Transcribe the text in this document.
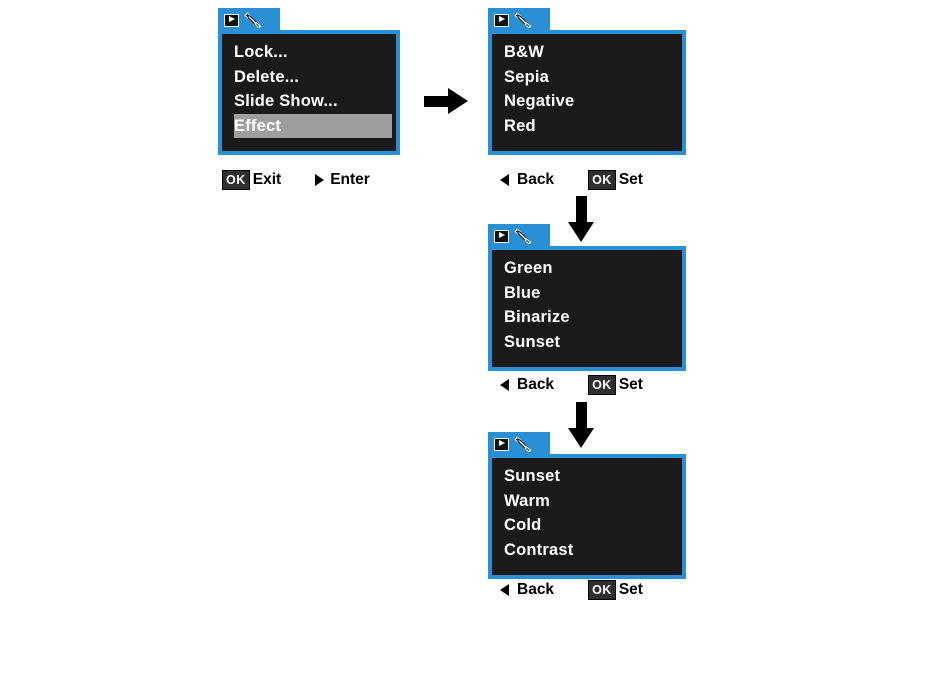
Lock...
Delete...
Slide Show...
Effect
OK Exit	Enter
B&W
Sepia
Negative
Red
Back	OK Set
Green
Blue
Binarize
Sunset
Back	OK Set
Sunset
Warm
Cold
Contrast
Back	OK Set
